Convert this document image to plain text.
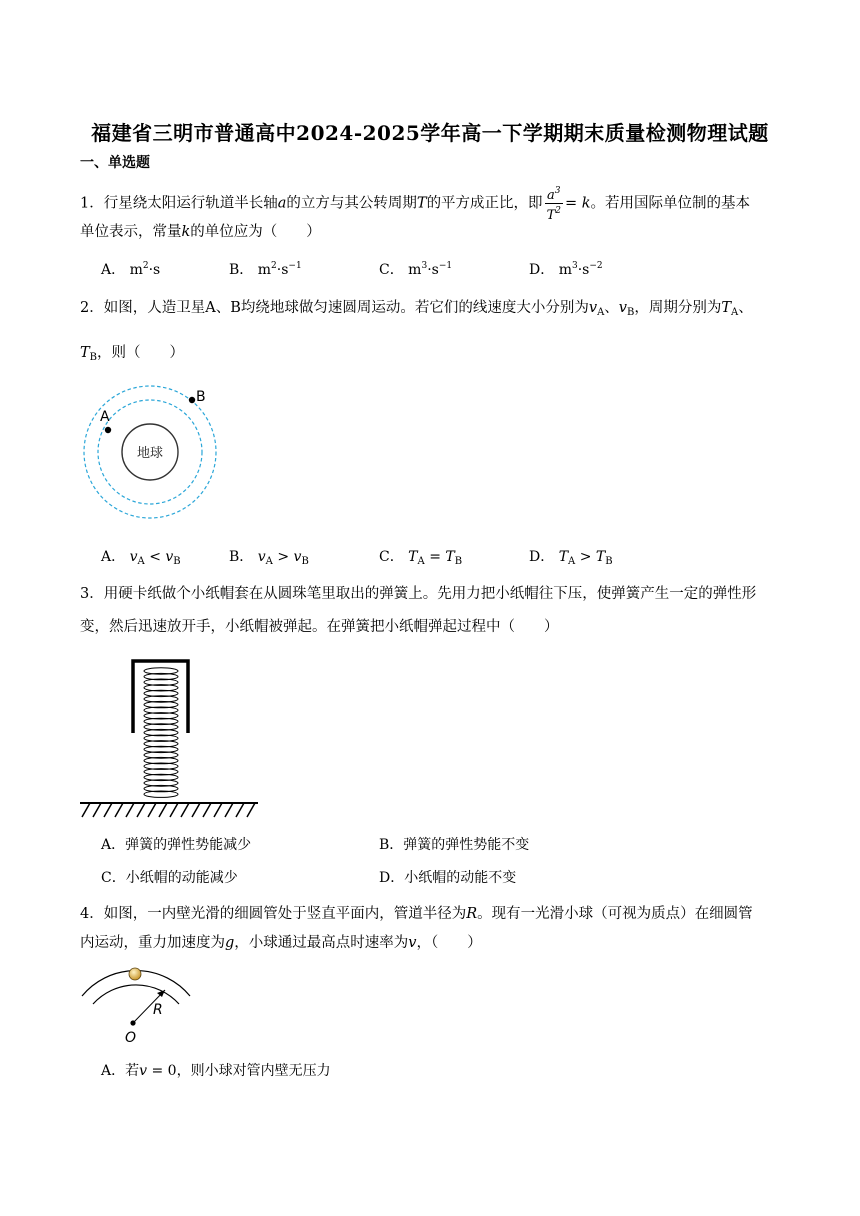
福建省三明市普通高中2024-2025学年高一下学期期末质量检测物理试题
一、单选题
1．行星绕太阳运行轨道半长轴a的立方与其公转周期T的平方成正比，即 $\frac{a^3}{T^2} = k$。若用国际单位制的基本
单位表示，常量k的单位应为（　　）
A． $m^2\cdot s$	B． $m^2\cdot s^{-1}$	C． $m^3\cdot s^{-1}$	D． $m^3\cdot s^{-2}$
2．如图，人造卫星A、B均绕地球做匀速圆周运动。若它们的线速度大小分别为$v_A$、$v_B$，周期分别为$T_A$、
$T_B$，则（　　）
地球
B
A
A． $v_A < v_B$	B． $v_A > v_B$	C． $T_A = T_B$	D． $T_A > T_B$
3．用硬卡纸做个小纸帽套在从圆珠笔里取出的弹簧上。先用力把小纸帽往下压，使弹簧产生一定的弹性形
变，然后迅速放开手，小纸帽被弹起。在弹簧把小纸帽弹起过程中（　　）
A．弹簧的弹性势能减少	B．弹簧的弹性势能不变
C．小纸帽的动能减少	D．小纸帽的动能不变
4．如图，一内壁光滑的细圆管处于竖直平面内，管道半径为R。现有一光滑小球（可视为质点）在细圆管
内运动，重力加速度为g，小球通过最高点时速率为v，（　　）
R
O
A．若v = 0，则小球对管内壁无压力
